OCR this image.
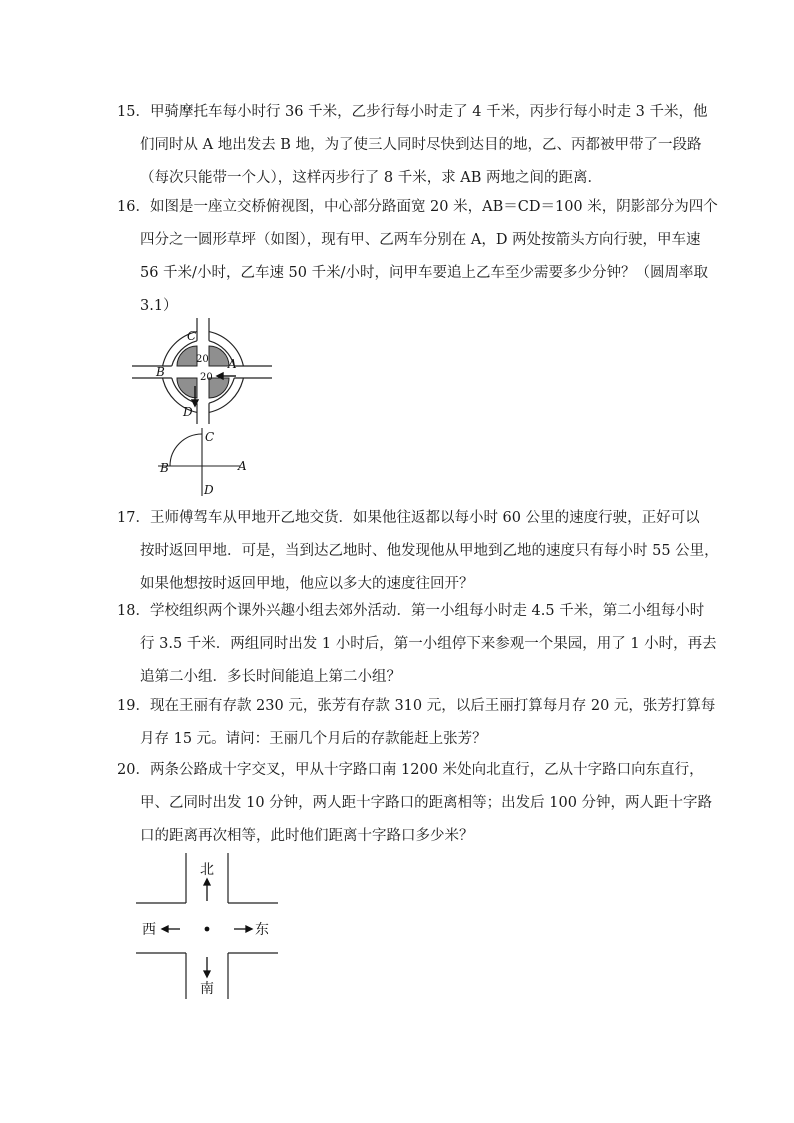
15．甲骑摩托车每小时行 36 千米，乙步行每小时走了 4 千米，丙步行每小时走 3 千米，他
们同时从 A 地出发去 B 地，为了使三人同时尽快到达目的地，乙、丙都被甲带了一段路
（每次只能带一个人），这样丙步行了 8 千米，求 AB 两地之间的距离．
16．如图是一座立交桥俯视图，中心部分路面宽 20 米，AB＝CD＝100 米，阴影部分为四个
四分之一圆形草坪（如图），现有甲、乙两车分别在 A，D 两处按箭头方向行驶，甲车速
56 千米/小时，乙车速 50 千米/小时，问甲车要追上乙车至少需要多少分钟？（圆周率取
3.1）
C
B
A
D
20
20
C
B	A
D
17．王师傅驾车从甲地开乙地交货．如果他往返都以每小时 60 公里的速度行驶，正好可以
按时返回甲地．可是，当到达乙地时、他发现他从甲地到乙地的速度只有每小时 55 公里，
如果他想按时返回甲地，他应以多大的速度往回开？
18．学校组织两个课外兴趣小组去郊外活动．第一小组每小时走 4.5 千米，第二小组每小时
行 3.5 千米．两组同时出发 1 小时后，第一小组停下来参观一个果园，用了 1 小时，再去
追第二小组．多长时间能追上第二小组？
19．现在王丽有存款 230 元，张芳有存款 310 元，以后王丽打算每月存 20 元，张芳打算每
月存 15 元。请问：王丽几个月后的存款能赶上张芳？
20．两条公路成十字交叉，甲从十字路口南 1200 米处向北直行，乙从十字路口向东直行，
甲、乙同时出发 10 分钟，两人距十字路口的距离相等；出发后 100 分钟，两人距十字路
口的距离再次相等，此时他们距离十字路口多少米？
北
南
西	东
